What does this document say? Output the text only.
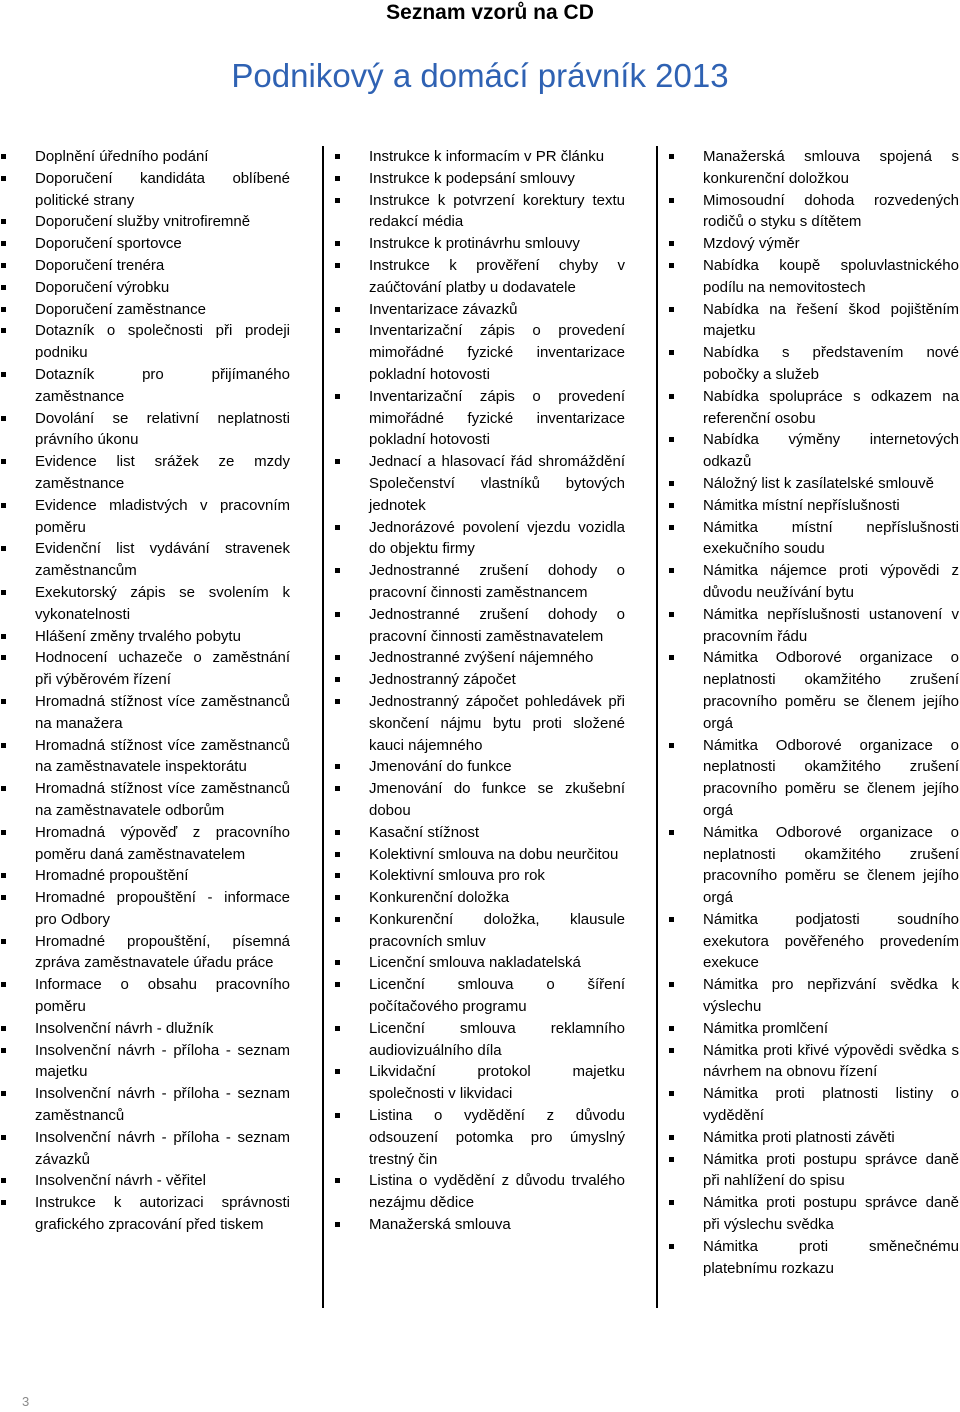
Seznam vzorů na CD
Podnikový a domácí právník 2013
Doplnění úředního podání
Doporučení kandidáta oblíbené politické strany
Doporučení služby vnitrofiremně
Doporučení sportovce
Doporučení trenéra
Doporučení výrobku
Doporučení zaměstnance
Dotazník o společnosti při prodeji podniku
Dotazník pro přijímaného zaměstnance
Dovolání se relativní neplatnosti právního úkonu
Evidence list srážek ze mzdy zaměstnance
Evidence mladistvých v pracovním poměru
Evidenční list vydávání stravenek zaměstnancům
Exekutorský zápis se svolením k vykonatelnosti
Hlášení změny trvalého pobytu
Hodnocení uchazeče o zaměstnání při výběrovém řízení
Hromadná stížnost více zaměstnanců na manažera
Hromadná stížnost více zaměstnanců na zaměstnavatele inspektorátu
Hromadná stížnost více zaměstnanců na zaměstnavatele odborům
Hromadná výpověď z pracovního poměru daná zaměstnavatelem
Hromadné propouštění
Hromadné propouštění - informace pro Odbory
Hromadné propouštění, písemná zpráva zaměstnavatele úřadu práce
Informace o obsahu pracovního poměru
Insolvenční návrh - dlužník
Insolvenční návrh - příloha - seznam majetku
Insolvenční návrh - příloha - seznam zaměstnanců
Insolvenční návrh - příloha - seznam závazků
Insolvenční návrh - věřitel
Instrukce k autorizaci správnosti grafického zpracování před tiskem
Instrukce k informacím v PR článku
Instrukce k podepsání smlouvy
Instrukce k potvrzení korektury textu redakcí média
Instrukce k protinávrhu smlouvy
Instrukce k prověření chyby v zaúčtování platby u dodavatele
Inventarizace závazků
Inventarizační zápis o provedení mimořádné fyzické inventarizace pokladní hotovosti
Inventarizační zápis o provedení mimořádné fyzické inventarizace pokladní hotovosti
Jednací a hlasovací řád shromáždění Společenství vlastníků bytových jednotek
Jednorázové povolení vjezdu vozidla do objektu firmy
Jednostranné zrušení dohody o pracovní činnosti zaměstnancem
Jednostranné zrušení dohody o pracovní činnosti zaměstnavatelem
Jednostranné zvýšení nájemného
Jednostranný zápočet
Jednostranný zápočet pohledávek při skončení nájmu bytu proti složené kauci nájemného
Jmenování do funkce
Jmenování do funkce se zkušební dobou
Kasační stížnost
Kolektivní smlouva na dobu neurčitou
Kolektivní smlouva pro rok
Konkurenční doložka
Konkurenční doložka, klausule pracovních smluv
Licenční smlouva nakladatelská
Licenční smlouva o šíření počítačového programu
Licenční smlouva reklamního audiovizuálního díla
Likvidační protokol majetku společnosti v likvidaci
Listina o vydědění z důvodu odsouzení potomka pro úmyslný trestný čin
Listina o vydědění z důvodu trvalého nezájmu dědice
Manažerská smlouva
Manažerská smlouva spojená s konkurenční doložkou
Mimosoudní dohoda rozvedených rodičů o styku s dítětem
Mzdový výměr
Nabídka koupě spoluvlastnického podílu na nemovitostech
Nabídka na řešení škod pojištěním majetku
Nabídka s představením nové pobočky a služeb
Nabídka spolupráce s odkazem na referenční osobu
Nabídka výměny internetových odkazů
Náložný list k zasílatelské smlouvě
Námitka místní nepříslušnosti
Námitka místní nepříslušnosti exekučního soudu
Námitka nájemce proti výpovědi z důvodu neužívání bytu
Námitka nepříslušnosti ustanovení v pracovním řádu
Námitka Odborové organizace o neplatnosti okamžitého zrušení pracovního poměru se členem jejího orgá
Námitka Odborové organizace o neplatnosti okamžitého zrušení pracovního poměru se členem jejího orgá
Námitka Odborové organizace o neplatnosti okamžitého zrušení pracovního poměru se členem jejího orgá
Námitka podjatosti soudního exekutora pověřeného provedením exekuce
Námitka pro nepřizvání svědka k výslechu
Námitka promlčení
Námitka proti křivé výpovědi svědka s návrhem na obnovu řízení
Námitka proti platnosti listiny o vydědění
Námitka proti platnosti závěti
Námitka proti postupu správce daně při nahlížení do spisu
Námitka proti postupu správce daně při výslechu svědka
Námitka proti směnečnému platebnímu rozkazu
3
